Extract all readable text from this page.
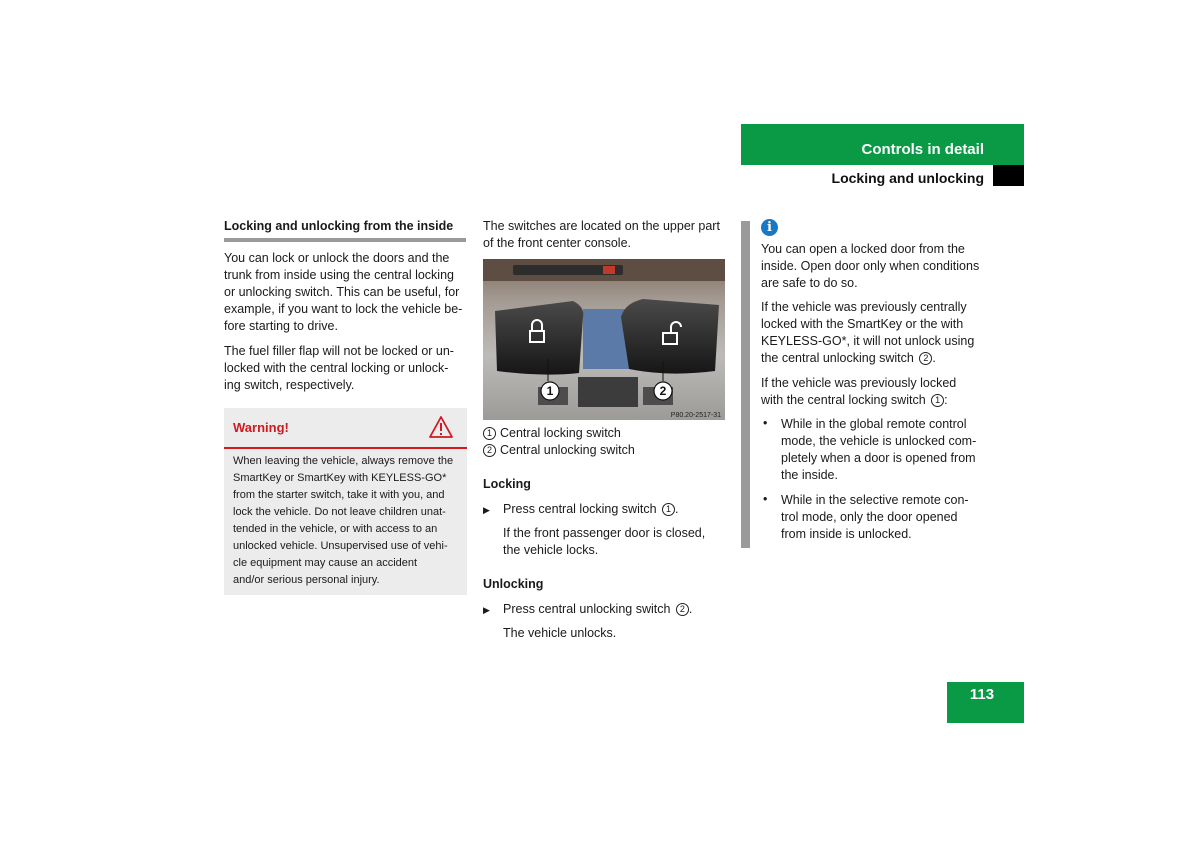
Controls in detail
Locking and unlocking
Locking and unlocking from the inside
You can lock or unlock the doors and the
trunk from inside using the central locking
or unlocking switch. This can be useful, for
example, if you want to lock the vehicle be-
fore starting to drive.
The fuel filler flap will not be locked or un-
locked with the central locking or unlock-
ing switch, respectively.
Warning!
When leaving the vehicle, always remove the
SmartKey or SmartKey with KEYLESS-GO*
from the starter switch, take it with you, and
lock the vehicle. Do not leave children unat-
tended in the vehicle, or with access to an
unlocked vehicle. Unsupervised use of vehi-
cle equipment may cause an accident
and/or serious personal injury.
The switches are located on the upper part
of the front center console.
1	2
P80.20-2517-31
1 Central locking switch
2 Central unlocking switch
Locking
▶ Press central locking switch 1 .
If the front passenger door is closed,
the vehicle locks.
Unlocking
▶ Press central unlocking switch 2 .
The vehicle unlocks.
i
You can open a locked door from the
inside. Open door only when conditions
are safe to do so.
If the vehicle was previously centrally
locked with the SmartKey or the with
KEYLESS-GO*, it will not unlock using
the central unlocking switch 2 .
If the vehicle was previously locked
with the central locking switch 1 :
• While in the global remote control
mode, the vehicle is unlocked com-
pletely when a door is opened from
the inside.
• While in the selective remote con-
trol mode, only the door opened
from inside is unlocked.
113
